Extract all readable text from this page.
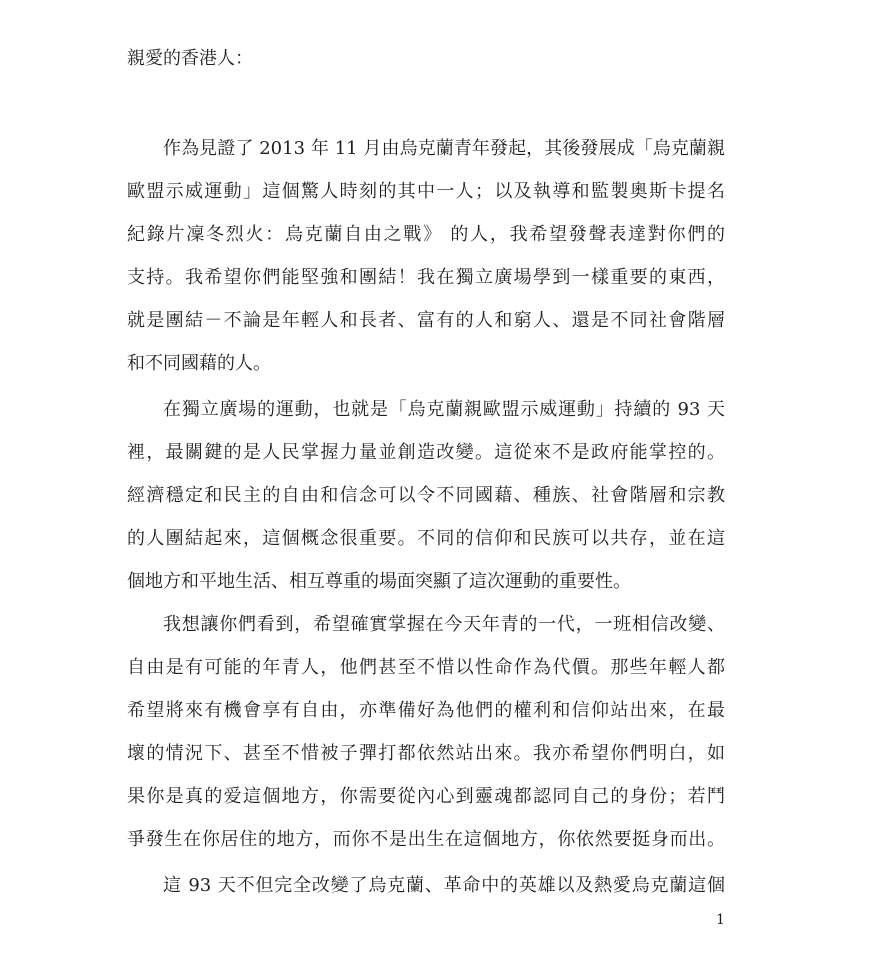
親愛的香港人：
作為見證了 2013 年 11 月由烏克蘭青年發起，其後發展成「烏克蘭親
歐盟示威運動」這個驚人時刻的其中一人；以及執導和監製奧斯卡提名
紀錄片凜冬烈火：烏克蘭自由之戰》 的人，我希望發聲表達對你們的
支持。我希望你們能堅強和團結！我在獨立廣場學到一樣重要的東西，
就是團結－不論是年輕人和長者、富有的人和窮人、還是不同社會階層
和不同國藉的人。
在獨立廣場的運動，也就是「烏克蘭親歐盟示威運動」持續的 93 天
裡，最關鍵的是人民掌握力量並創造改變。這從來不是政府能掌控的。
經濟穩定和民主的自由和信念可以令不同國藉、種族、社會階層和宗教
的人團結起來，這個概念很重要。不同的信仰和民族可以共存，並在這
個地方和平地生活、相互尊重的場面突顯了這次運動的重要性。
我想讓你們看到，希望確實掌握在今天年青的一代，一班相信改變、
自由是有可能的年青人，他們甚至不惜以性命作為代價。那些年輕人都
希望將來有機會享有自由，亦準備好為他們的權利和信仰站出來，在最
壞的情況下、甚至不惜被子彈打都依然站出來。我亦希望你們明白，如
果你是真的爱這個地方，你需要從內心到靈魂都認同自己的身份；若鬥
爭發生在你居住的地方，而你不是出生在這個地方，你依然要挺身而出。
這 93 天不但完全改變了烏克蘭、革命中的英雄以及熱愛烏克蘭這個
1
